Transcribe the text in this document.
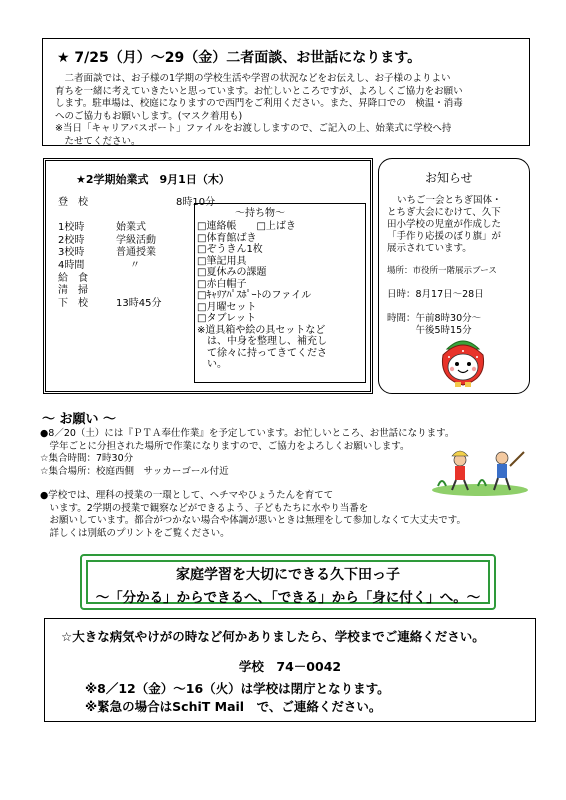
★ 7/25（月）～29（金）二者面談、お世話になります。
　二者面談では、お子様の1学期の学校生活や学習の状況などをお伝えし、お子様のよりよい
育ちを一緒に考えていきたいと思っています。お忙しいところですが、よろしくご協力をお願い
します。駐車場は、校庭になりますので西門をご利用ください。また、昇降口での　検温・消毒
へのご協力もお願いします。(マスク着用も)
※当日「キャリアパスポート」ファイルをお渡ししますので、ご記入の上、始業式に学校へ持
　たせてください。
★2学期始業式　9月1日（木）
登　校	8時10分

1校時	始業式
2校時	学級活動
3校時	普通授業
4時間	〃
給　食
清　掃
下　校	13時45分
～持ち物～
□連絡帳　　□上ばき
□体育館ばき
□ぞうきん1枚
□筆記用具
□夏休みの課題
□赤白帽子
□ｷｬﾘｱﾊﾟｽﾎﾟｰﾄのファイル
□月曜セット
□タブレット
※道具箱や絵の具セットなど
　は、中身を整理し、補充し
　て徐々に持ってきてくださ
　い。
お知らせ
いちご一会とちぎ国体・
とちぎ大会にむけて、久下
田小学校の児童が作成した
「手作り応援のぼり旗」が
展示されています。
場所：市役所一階展示ブース
日時：8月17日～28日
時間：午前8時30分～
　　　午後5時15分
～ お願い ～
●8／20（土）には『ＰＴＡ奉仕作業』を予定しています。お忙しいところ、お世話になります。
　学年ごとに分担された場所で作業になりますので、ご協力をよろしくお願いします。
☆集合時間：7時30分
☆集合場所：校庭西側　サッカーゴール付近
●学校では、理科の授業の一環として、ヘチマやひょうたんを育てて
　います。2学期の授業で観察などができるよう、子どもたちに水やり当番を
　お願いしています。都合がつかない場合や体調が悪いときは無理をして参加しなくて大丈夫です。
　詳しくは別紙のプリントをご覧ください。
家庭学習を大切にできる久下田っ子
～「分かる」からできるへ、「できる」から「身に付く」へ。～
☆大きな病気やけがの時など何かありましたら、学校までご連絡ください。
学校　74－0042
※8／12（金）～16（火）は学校は閉庁となります。
※緊急の場合はSchiT Mail　で、ご連絡ください。
